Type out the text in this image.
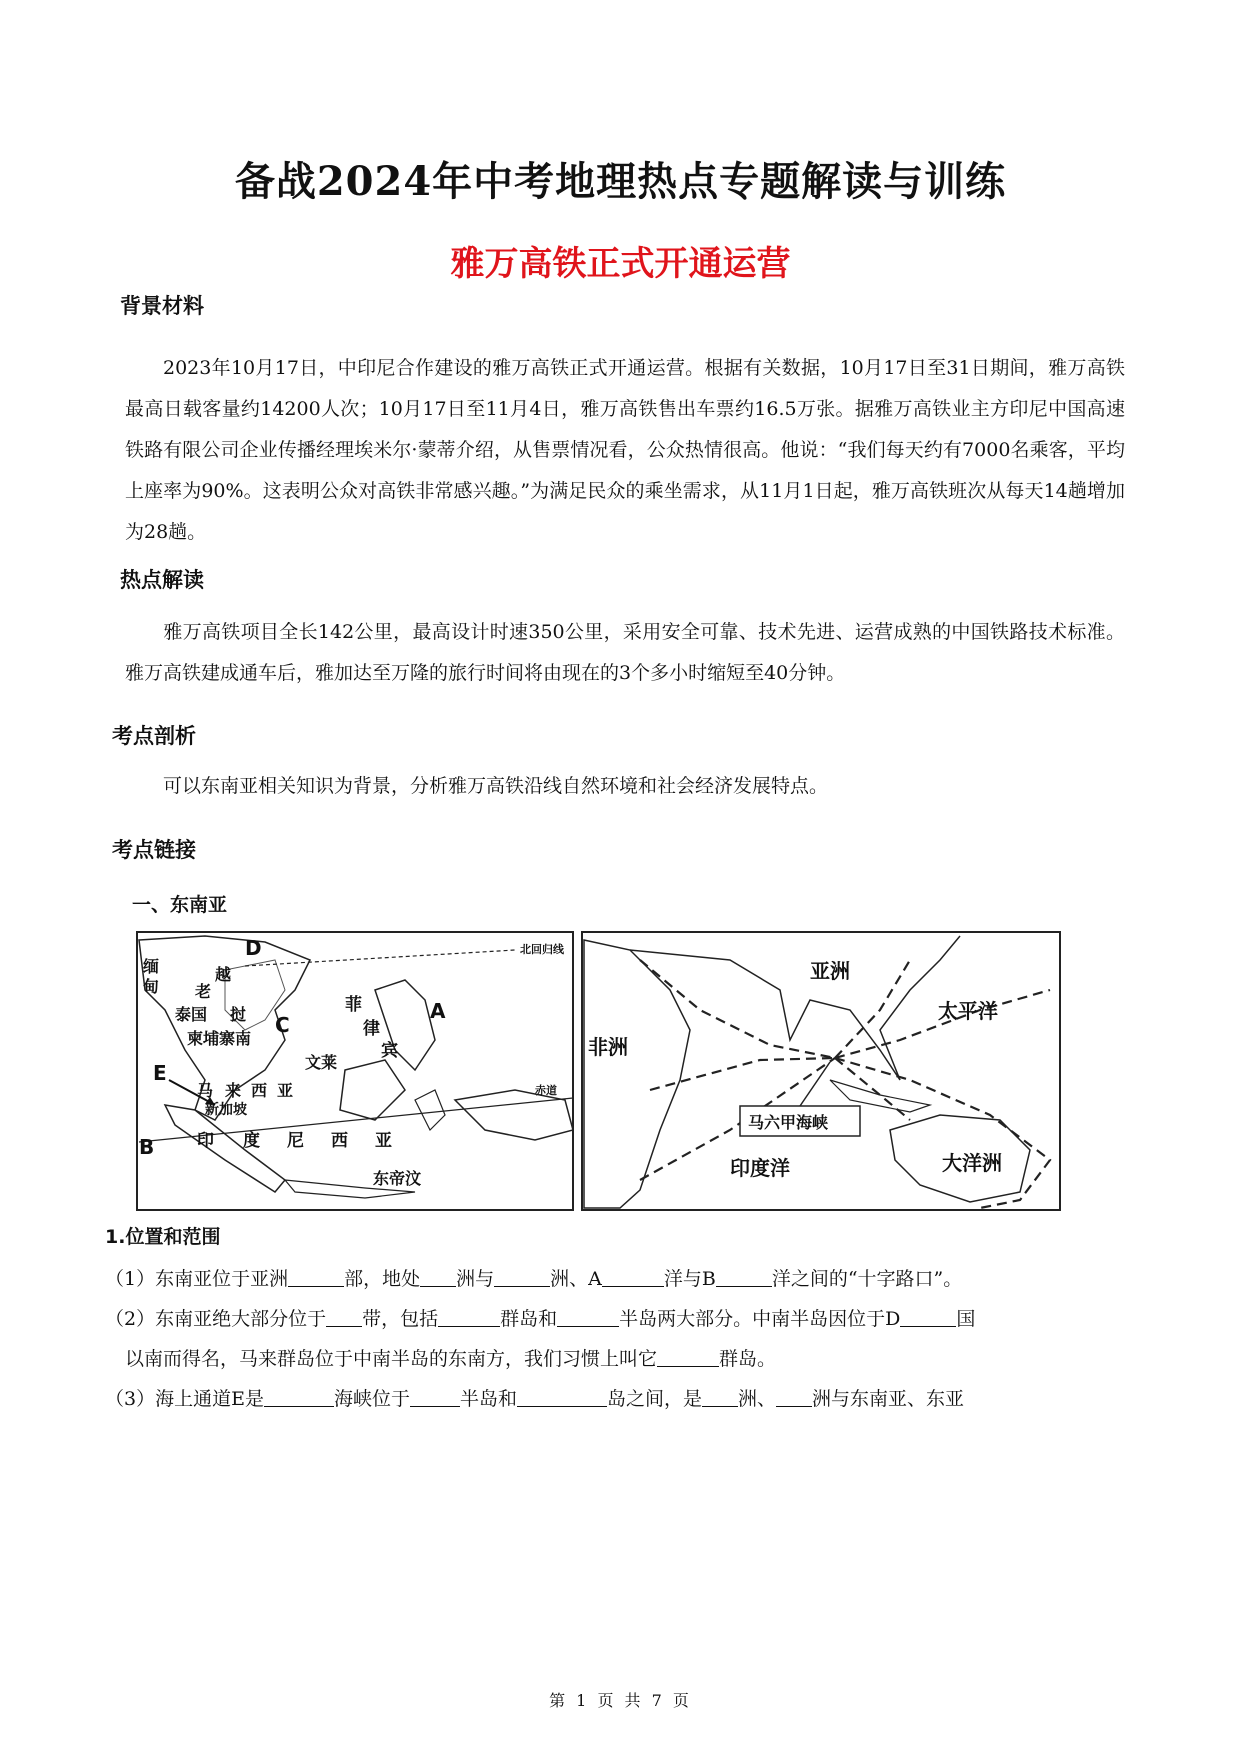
备战2024年中考地理热点专题解读与训练
雅万高铁正式开通运营
背景材料
2023年10月17日，中印尼合作建设的雅万高铁正式开通运营。根据有关数据，10月17日至31日期间，雅万高铁最高日载客量约14200人次；10月17日至11月4日，雅万高铁售出车票约16.5万张。据雅万高铁业主方印尼中国高速铁路有限公司企业传播经理埃米尔·蒙蒂介绍，从售票情况看，公众热情很高。他说：“我们每天约有7000名乘客，平均上座率为90%。这表明公众对高铁非常感兴趣。”为满足民众的乘坐需求，从11月1日起，雅万高铁班次从每天14趟增加为28趟。
热点解读
雅万高铁项目全长142公里，最高设计时速350公里，采用安全可靠、技术先进、运营成熟的中国铁路技术标准。雅万高铁建成通车后，雅加达至万隆的旅行时间将由现在的3个多小时缩短至40分钟。
考点剖析
可以东南亚相关知识为背景，分析雅万高铁沿线自然环境和社会经济发展特点。
考点链接
一、东南亚
D	北回归线
缅
甸
越
老
泰国 挝
柬埔寨 南
C
菲
律
宾
A
文莱
E
马 来 西 亚
新加坡
赤道
B	印 度 尼 西 亚
东帝汶
亚洲
太平洋
非洲
马六甲海峡
印度洋	大洋洲
1.位置和范围
（1）东南亚位于亚洲	部，地处 洲与	洲、A	洋与B	洋之间的“十字路口”。
（2）东南亚绝大部分位于 带，包括	群岛和	半岛两大部分。中南半岛因位于D	国
以南而得名，马来群岛位于中南半岛的东南方，我们习惯上叫它	群岛。
（3）海上通道E是	海峡位于	半岛和	岛之间，是 洲、 洲与东南亚、东亚
第 1 页 共 7 页
